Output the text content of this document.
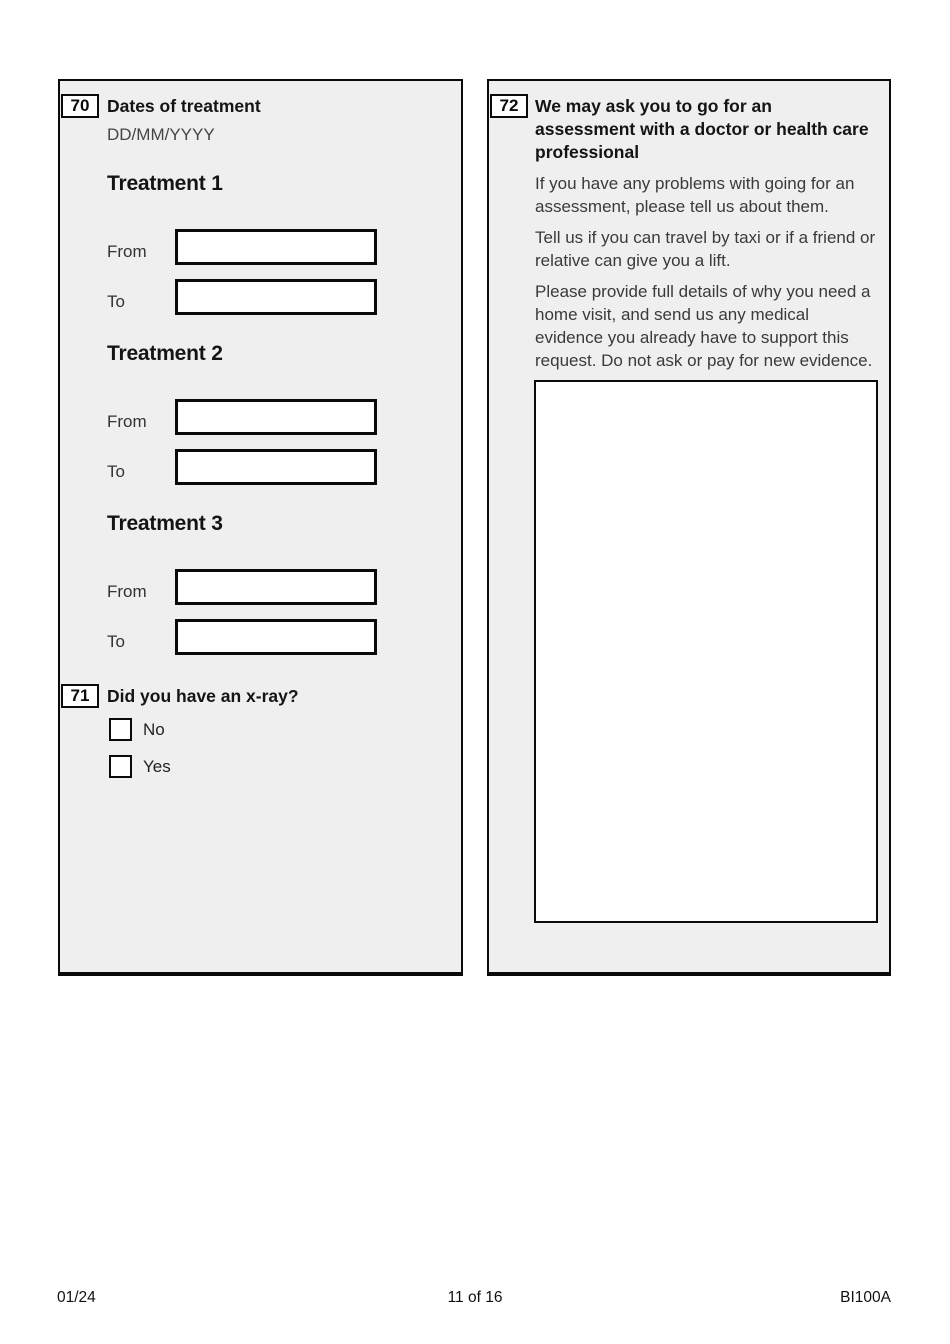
70	Dates of treatment
DD/MM/YYYY
Treatment 1
From
To
Treatment 2
From
To
Treatment 3
From
To
71	Did you have an x-ray?
No
Yes
72 We may ask you to go for an assessment with a doctor or health care professional

If you have any problems with going for an assessment, please tell us about them.

Tell us if you can travel by taxi or if a friend or relative can give you a lift.

Please provide full details of why you need a home visit, and send us any medical evidence you already have to support this request. Do not ask or pay for new evidence.

01/24	11 of 16	BI100A
